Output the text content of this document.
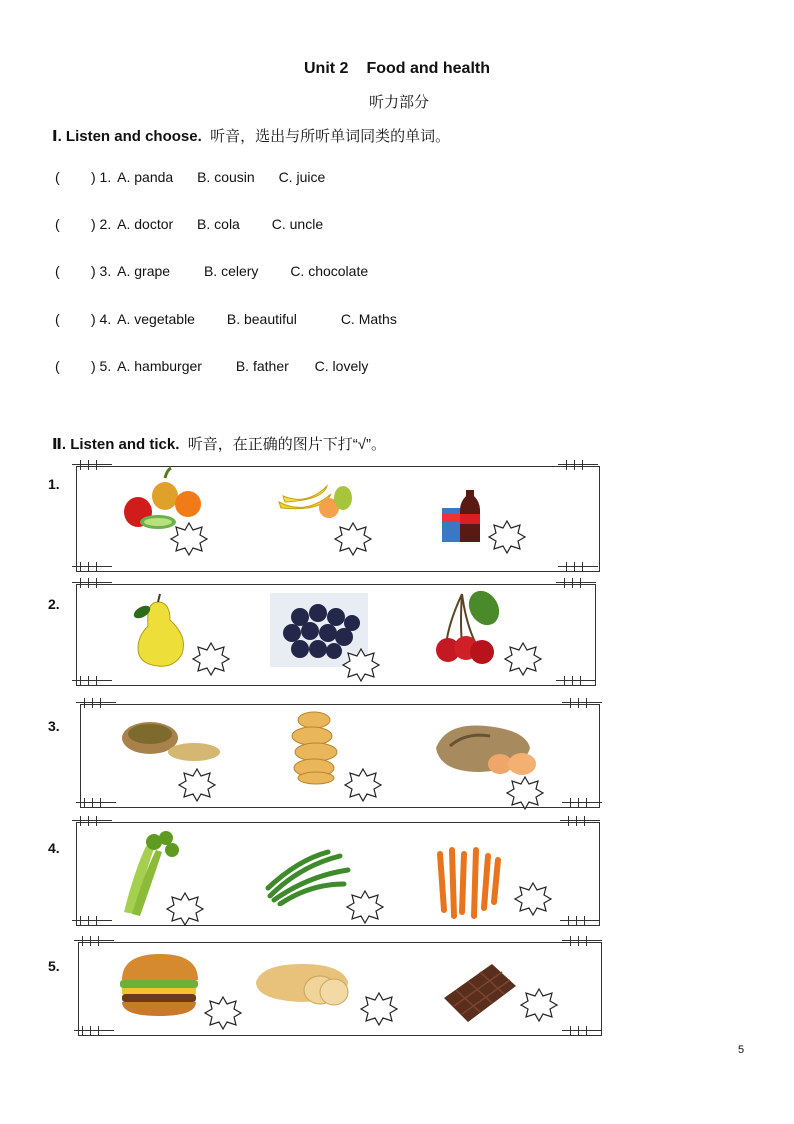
Unit 2 Food and health
听力部分
Ⅰ. Listen and choose. 听音，选出与所听单词同类的单词。
( ) 1. A. panda B. cousin C. juice
( ) 2. A. doctor B. cola C. uncle
( ) 3. A. grape B. celery C. chocolate
( ) 4. A. vegetable B. beautiful	C. Maths
( ) 5. A. hamburger B. father C. lovely
Ⅱ. Listen and tick. 听音，在正确的图片下打“√”。
1.
2.
3.
4.
5.
5
